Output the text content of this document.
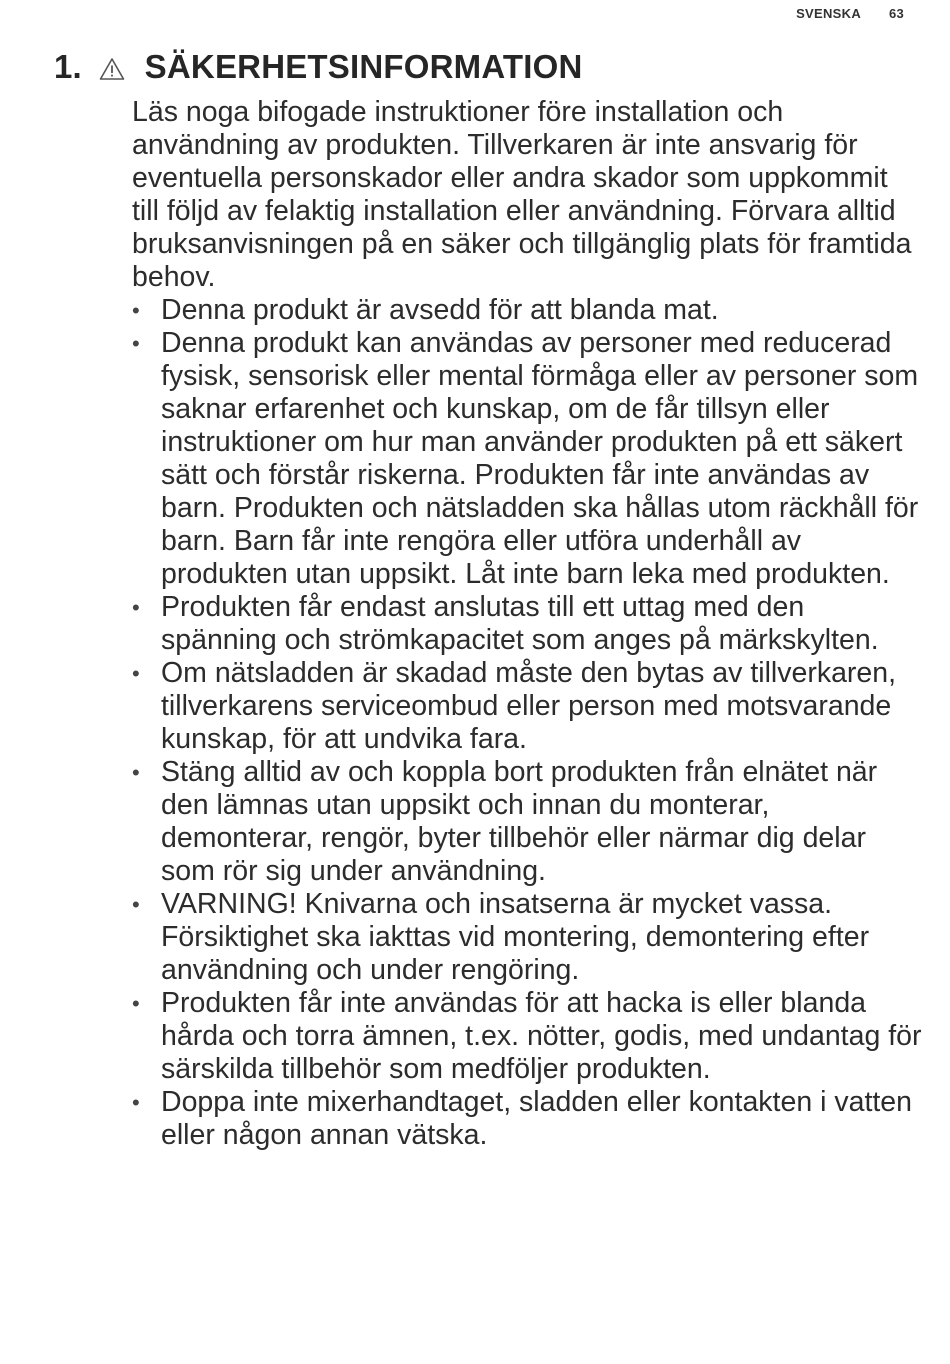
SVENSKA 63
1. SÄKERHETSINFORMATION

Läs noga bifogade instruktioner före installation och användning av produkten. Tillverkaren är inte ansvarig för eventuella personskador eller andra skador som uppkommit till följd av felaktig installation eller användning. Förvara alltid bruksanvisningen på en säker och tillgänglig plats för framtida behov.

• Denna produkt är avsedd för att blanda mat.
• Denna produkt kan användas av personer med reducerad fysisk, sensorisk eller mental förmåga eller av personer som saknar erfarenhet och kunskap, om de får tillsyn eller instruktioner om hur man använder produkten på ett säkert sätt och förstår riskerna. Produkten får inte användas av barn. Produkten och nätsladden ska hållas utom räckhåll för barn. Barn får inte rengöra eller utföra underhåll av produkten utan uppsikt. Låt inte barn leka med produkten.
• Produkten får endast anslutas till ett uttag med den spänning och strömkapacitet som anges på märkskylten.
• Om nätsladden är skadad måste den bytas av tillverkaren, tillverkarens serviceombud eller person med motsvarande kunskap, för att undvika fara.
• Stäng alltid av och koppla bort produkten från elnätet när den lämnas utan uppsikt och innan du monterar, demonterar, rengör, byter tillbehör eller närmar dig delar som rör sig under användning.
• VARNING! Knivarna och insatserna är mycket vassa. Försiktighet ska iakttas vid montering, demontering efter användning och under rengöring.
• Produkten får inte användas för att hacka is eller blanda hårda och torra ämnen, t.ex. nötter, godis, med undantag för särskilda tillbehör som medföljer produkten.
• Doppa inte mixerhandtaget, sladden eller kontakten i vatten eller någon annan vätska.
